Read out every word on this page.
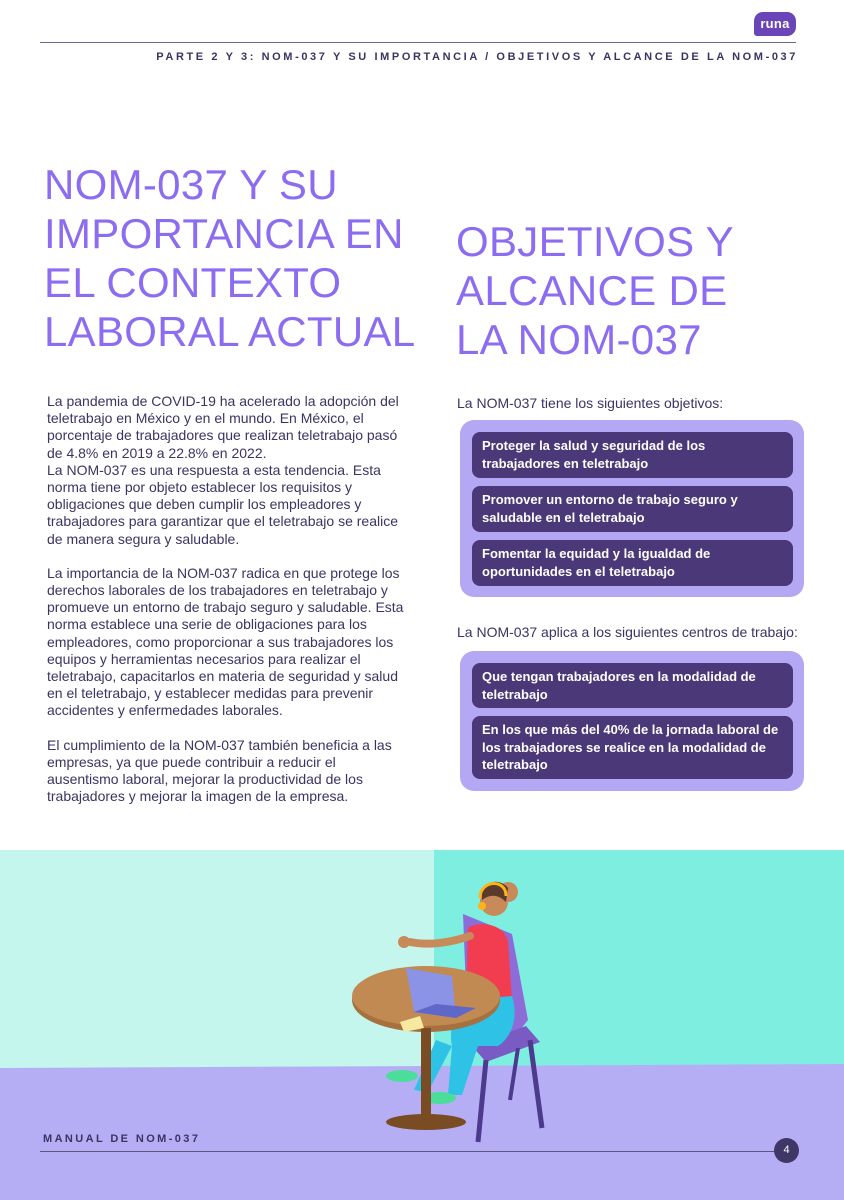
runa
PARTE 2 Y 3: NOM-037 Y SU IMPORTANCIA / OBJETIVOS Y ALCANCE DE LA NOM-037
NOM-037 Y SU
IMPORTANCIA EN
EL CONTEXTO
LABORAL ACTUAL
OBJETIVOS Y
ALCANCE DE
LA NOM-037

La pandemia de COVID-19 ha acelerado la adopción del teletrabajo en México y en el mundo. En México, el porcentaje de trabajadores que realizan teletrabajo pasó de 4.8% en 2019 a 22.8% en 2022.
La NOM-037 es una respuesta a esta tendencia. Esta norma tiene por objeto establecer los requisitos y obligaciones que deben cumplir los empleadores y trabajadores para garantizar que el teletrabajo se realice de manera segura y saludable.

La importancia de la NOM-037 radica en que protege los derechos laborales de los trabajadores en teletrabajo y promueve un entorno de trabajo seguro y saludable. Esta norma establece una serie de obligaciones para los empleadores, como proporcionar a sus trabajadores los equipos y herramientas necesarios para realizar el teletrabajo, capacitarlos en materia de seguridad y salud en el teletrabajo, y establecer medidas para prevenir accidentes y enfermedades laborales.

El cumplimiento de la NOM-037 también beneficia a las empresas, ya que puede contribuir a reducir el ausentismo laboral, mejorar la productividad de los trabajadores y mejorar la imagen de la empresa.

La NOM-037 tiene los siguientes objetivos:
Proteger la salud y seguridad de los trabajadores en teletrabajo
Promover un entorno de trabajo seguro y saludable en el teletrabajo
Fomentar la equidad y la igualdad de oportunidades en el teletrabajo
La NOM-037 aplica a los siguientes centros de trabajo:
Que tengan trabajadores en la modalidad de teletrabajo
En los que más del 40% de la jornada laboral de los trabajadores se realice en la modalidad de teletrabajo
MANUAL DE NOM-037
4
